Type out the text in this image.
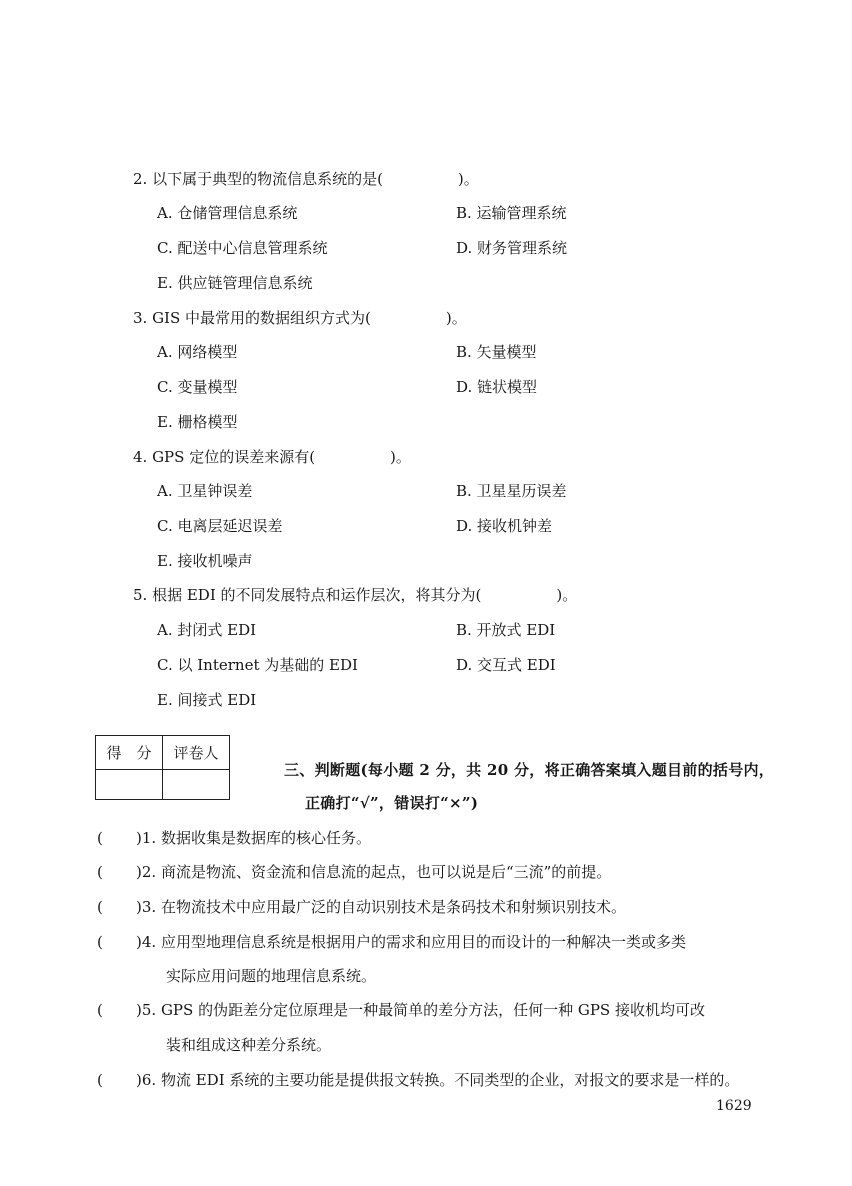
2. 以下属于典型的物流信息系统的是(　　　　　)。
A. 仓储管理信息系统	B. 运输管理系统
C. 配送中心信息管理系统	D. 财务管理系统
E. 供应链管理信息系统
3. GIS 中最常用的数据组织方式为(　　　　　)。
A. 网络模型	B. 矢量模型
C. 变量模型	D. 链状模型
E. 栅格模型
4. GPS 定位的误差来源有(　　　　　)。
A. 卫星钟误差	B. 卫星星历误差
C. 电离层延迟误差	D. 接收机钟差
E. 接收机噪声
5. 根据 EDI 的不同发展特点和运作层次，将其分为(　　　　　)。
A. 封闭式 EDI	B. 开放式 EDI
C. 以 Internet 为基础的 EDI	D. 交互式 EDI
E. 间接式 EDI
得　分	评卷人

三、判断题(每小题 2 分，共 20 分，将正确答案填入题目前的括号内，
正确打“√”，错误打“×”)
( )1. 数据收集是数据库的核心任务。
( )2. 商流是物流、资金流和信息流的起点，也可以说是后“三流”的前提。
( )3. 在物流技术中应用最广泛的自动识别技术是条码技术和射频识别技术。
( )4. 应用型地理信息系统是根据用户的需求和应用目的而设计的一种解决一类或多类
实际应用问题的地理信息系统。
( )5. GPS 的伪距差分定位原理是一种最简单的差分方法，任何一种 GPS 接收机均可改
装和组成这种差分系统。
( )6. 物流 EDI 系统的主要功能是提供报文转换。不同类型的企业，对报文的要求是一样的。
1629
